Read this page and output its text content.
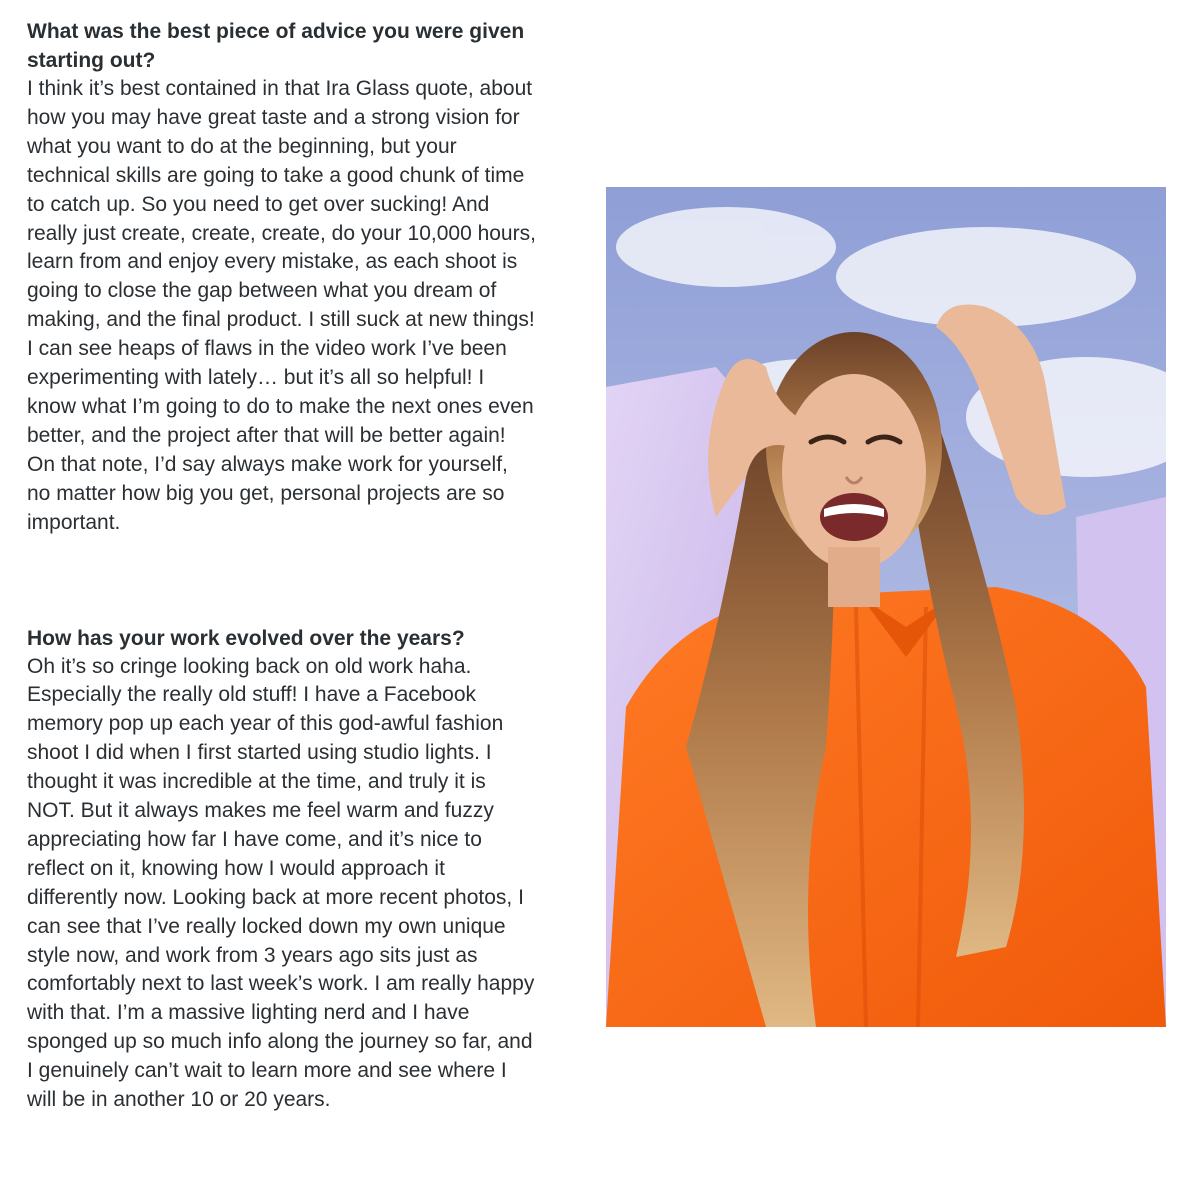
What was the best piece of advice you were given starting out?

I think it’s best contained in that Ira Glass quote, about how you may have great taste and a strong vision for what you want to do at the beginning, but your technical skills are going to take a good chunk of time to catch up. So you need to get over sucking! And really just create, create, create, do your 10,000 hours, learn from and enjoy every mistake, as each shoot is going to close the gap between what you dream of making, and the final product. I still suck at new things! I can see heaps of flaws in the video work I’ve been experimenting with lately… but it’s all so helpful! I know what I’m going to do to make the next ones even better, and the project after that will be better again! On that note, I’d say always make work for yourself, no matter how big you get, personal projects are so important.

How has your work evolved over the years?

Oh it’s so cringe looking back on old work haha. Especially the really old stuff! I have a Facebook memory pop up each year of this god-awful fashion shoot I did when I first started using studio lights. I thought it was incredible at the time, and truly it is NOT. But it always makes me feel warm and fuzzy appreciating how far I have come, and it’s nice to reflect on it, knowing how I would approach it differently now. Looking back at more recent photos, I can see that I’ve really locked down my own unique style now, and work from 3 years ago sits just as comfortably next to last week’s work. I am really happy with that. I’m a massive lighting nerd and I have sponged up so much info along the journey so far, and I genuinely can’t wait to learn more and see where I will be in another 10 or 20 years.
